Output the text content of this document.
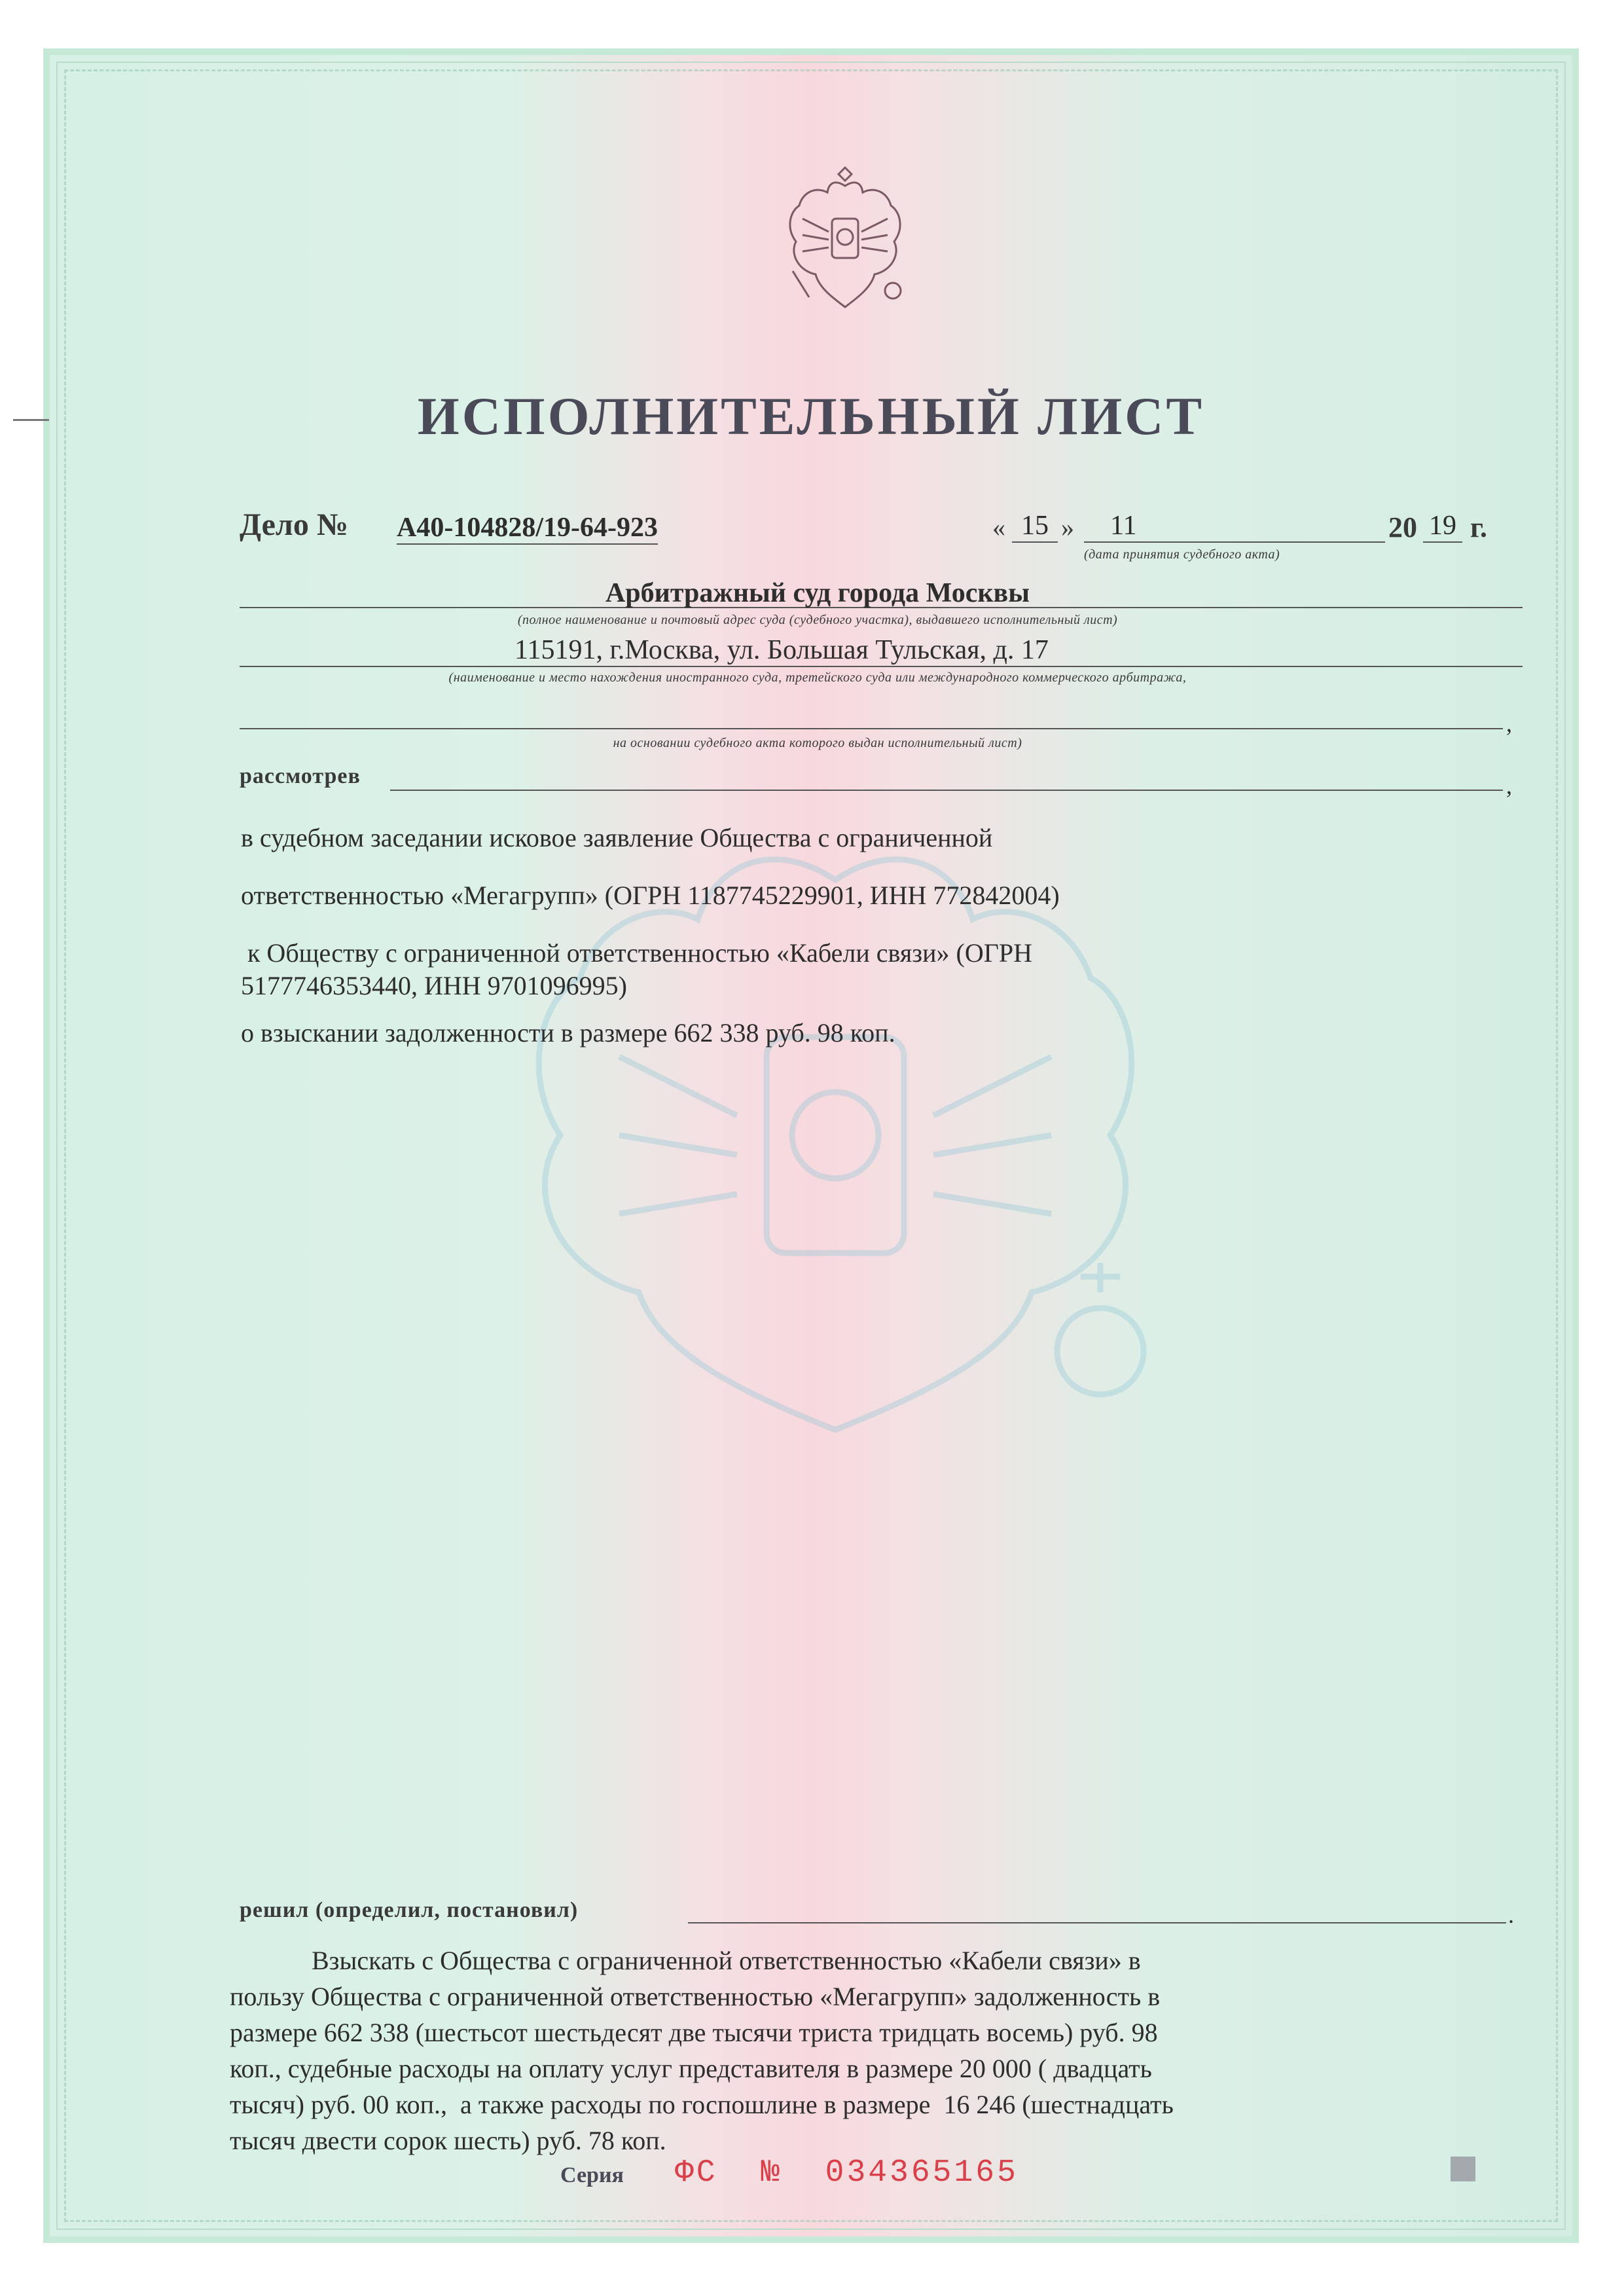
ИСПОЛНИТЕЛЬНЫЙ ЛИСТ
Дело № А40-104828/19-64-923	« 15 »	11	20 19 г.
(дата принятия судебного акта)
Арбитражный суд города Москвы
(полное наименование и почтовый адрес суда (судебного участка), выдавшего исполнительный лист)
115191, г.Москва, ул. Большая Тульская, д. 17
(наименование и место нахождения иностранного суда, третейского суда или международного коммерческого арбитража,
,
на основании судебного акта которого выдан исполнительный лист)
рассмотрев	,
в судебном заседании исковое заявление Общества с ограниченной
ответственностью «Мегагрупп» (ОГРН 1187745229901, ИНН 772842004)
к Обществу с ограниченной ответственностью «Кабели связи» (ОГРН
5177746353440, ИНН 9701096995)
о взыскании задолженности в размере 662 338 руб. 98 коп.
решил (определил, постановил)	.
Взыскать с Общества с ограниченной ответственностью «Кабели связи» в
пользу Общества с ограниченной ответственностью «Мегагрупп» задолженность в
размере 662 338 (шестьсот шестьдесят две тысячи триста тридцать восемь) руб. 98
коп., судебные расходы на оплату услуг представителя в размере 20 000 ( двадцать
тысяч) руб. 00 коп.,  а также расходы по госпошлине в размере  16 246 (шестнадцать
тысяч двести сорок шесть) руб. 78 коп.
Серия ФС  №  034365165
